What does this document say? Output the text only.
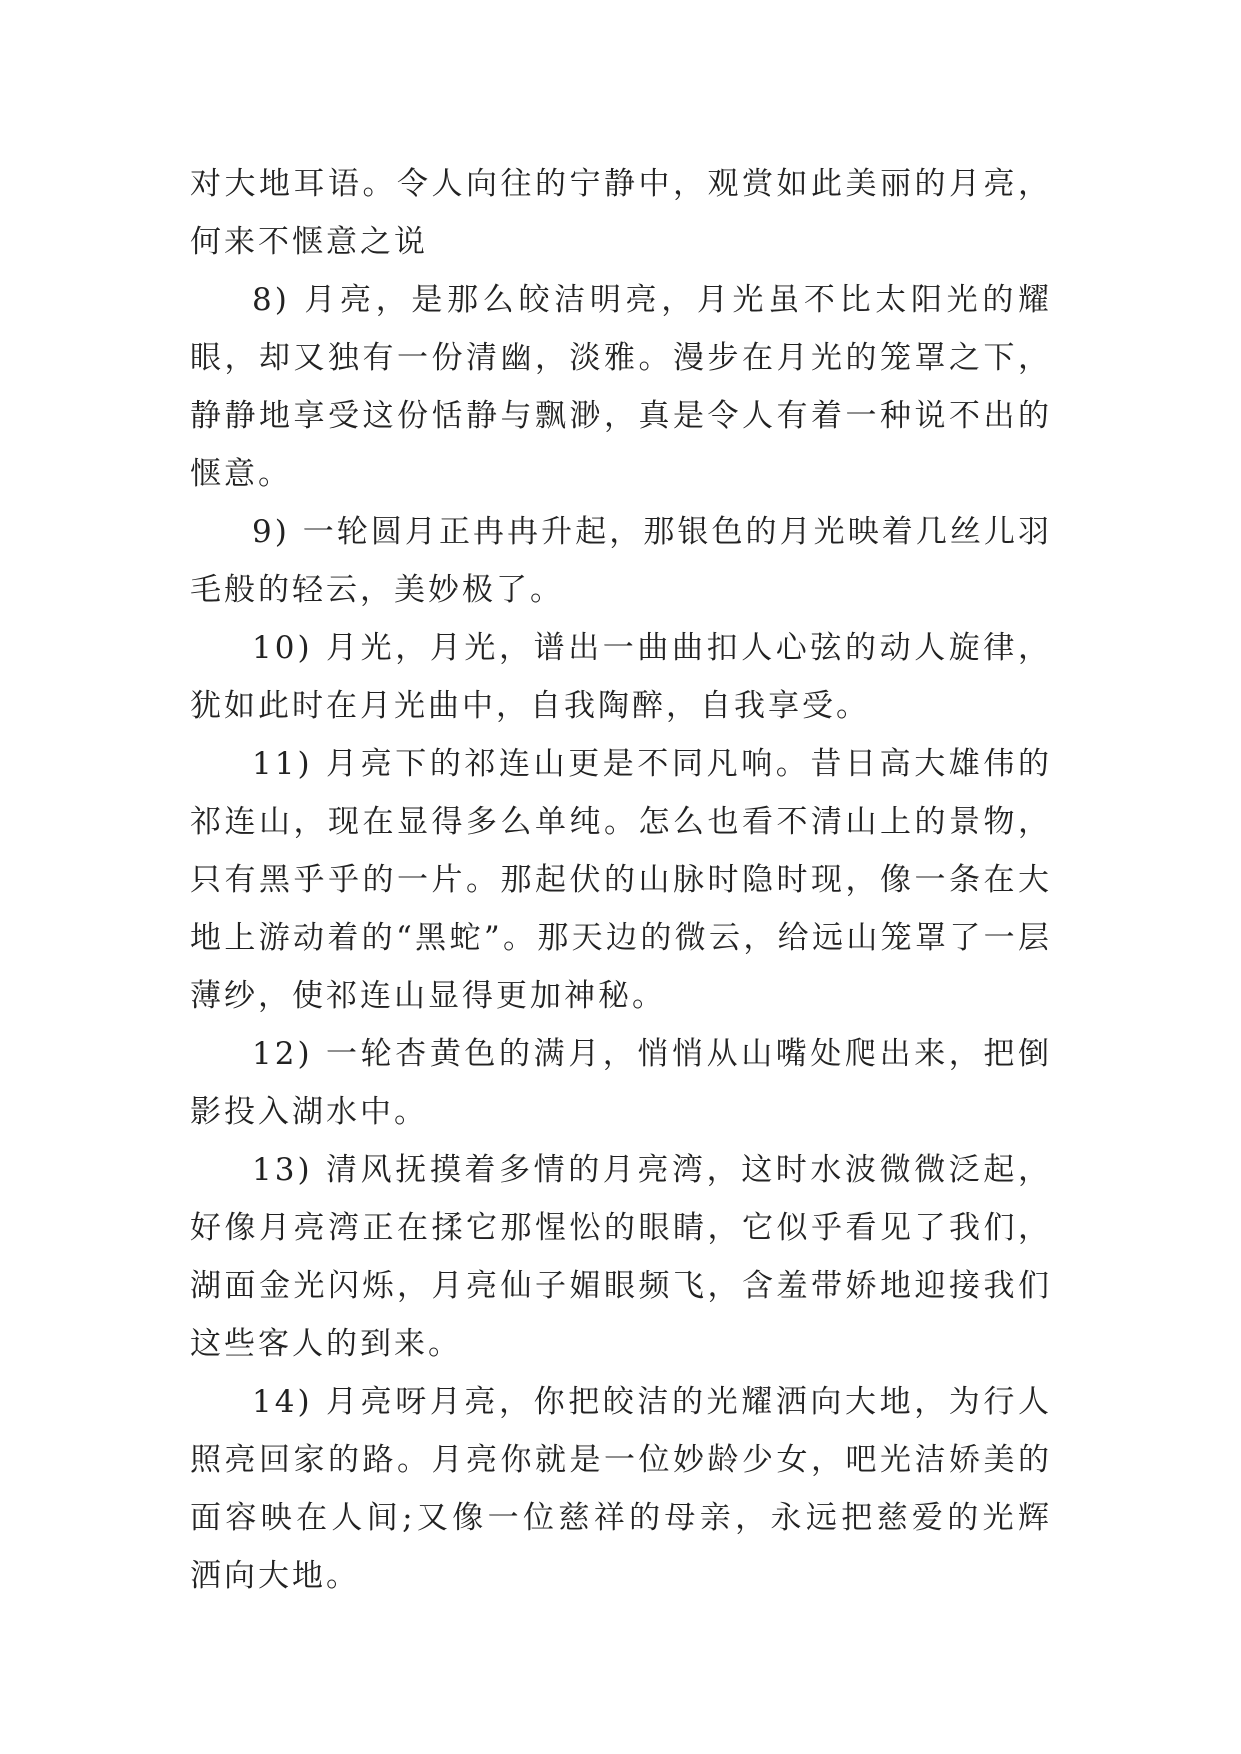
对大地耳语。令人向往的宁静中，观赏如此美丽的月亮，何来不惬意之说

8) 月亮，是那么皎洁明亮，月光虽不比太阳光的耀眼，却又独有一份清幽，淡雅。漫步在月光的笼罩之下，静静地享受这份恬静与飘渺，真是令人有着一种说不出的惬意。

9) 一轮圆月正冉冉升起，那银色的月光映着几丝儿羽毛般的轻云，美妙极了。

10) 月光，月光，谱出一曲曲扣人心弦的动人旋律，犹如此时在月光曲中，自我陶醉，自我享受。

11) 月亮下的祁连山更是不同凡响。昔日高大雄伟的祁连山，现在显得多么单纯。怎么也看不清山上的景物，只有黑乎乎的一片。那起伏的山脉时隐时现，像一条在大地上游动着的“黑蛇”。那天边的微云，给远山笼罩了一层薄纱，使祁连山显得更加神秘。

12) 一轮杏黄色的满月，悄悄从山嘴处爬出来，把倒影投入湖水中。

13) 清风抚摸着多情的月亮湾，这时水波微微泛起，好像月亮湾正在揉它那惺忪的眼睛，它似乎看见了我们，湖面金光闪烁，月亮仙子媚眼频飞，含羞带娇地迎接我们这些客人的到来。

14) 月亮呀月亮，你把皎洁的光耀洒向大地，为行人照亮回家的路。月亮你就是一位妙龄少女，吧光洁娇美的面容映在人间;又像一位慈祥的母亲，永远把慈爱的光辉洒向大地。
